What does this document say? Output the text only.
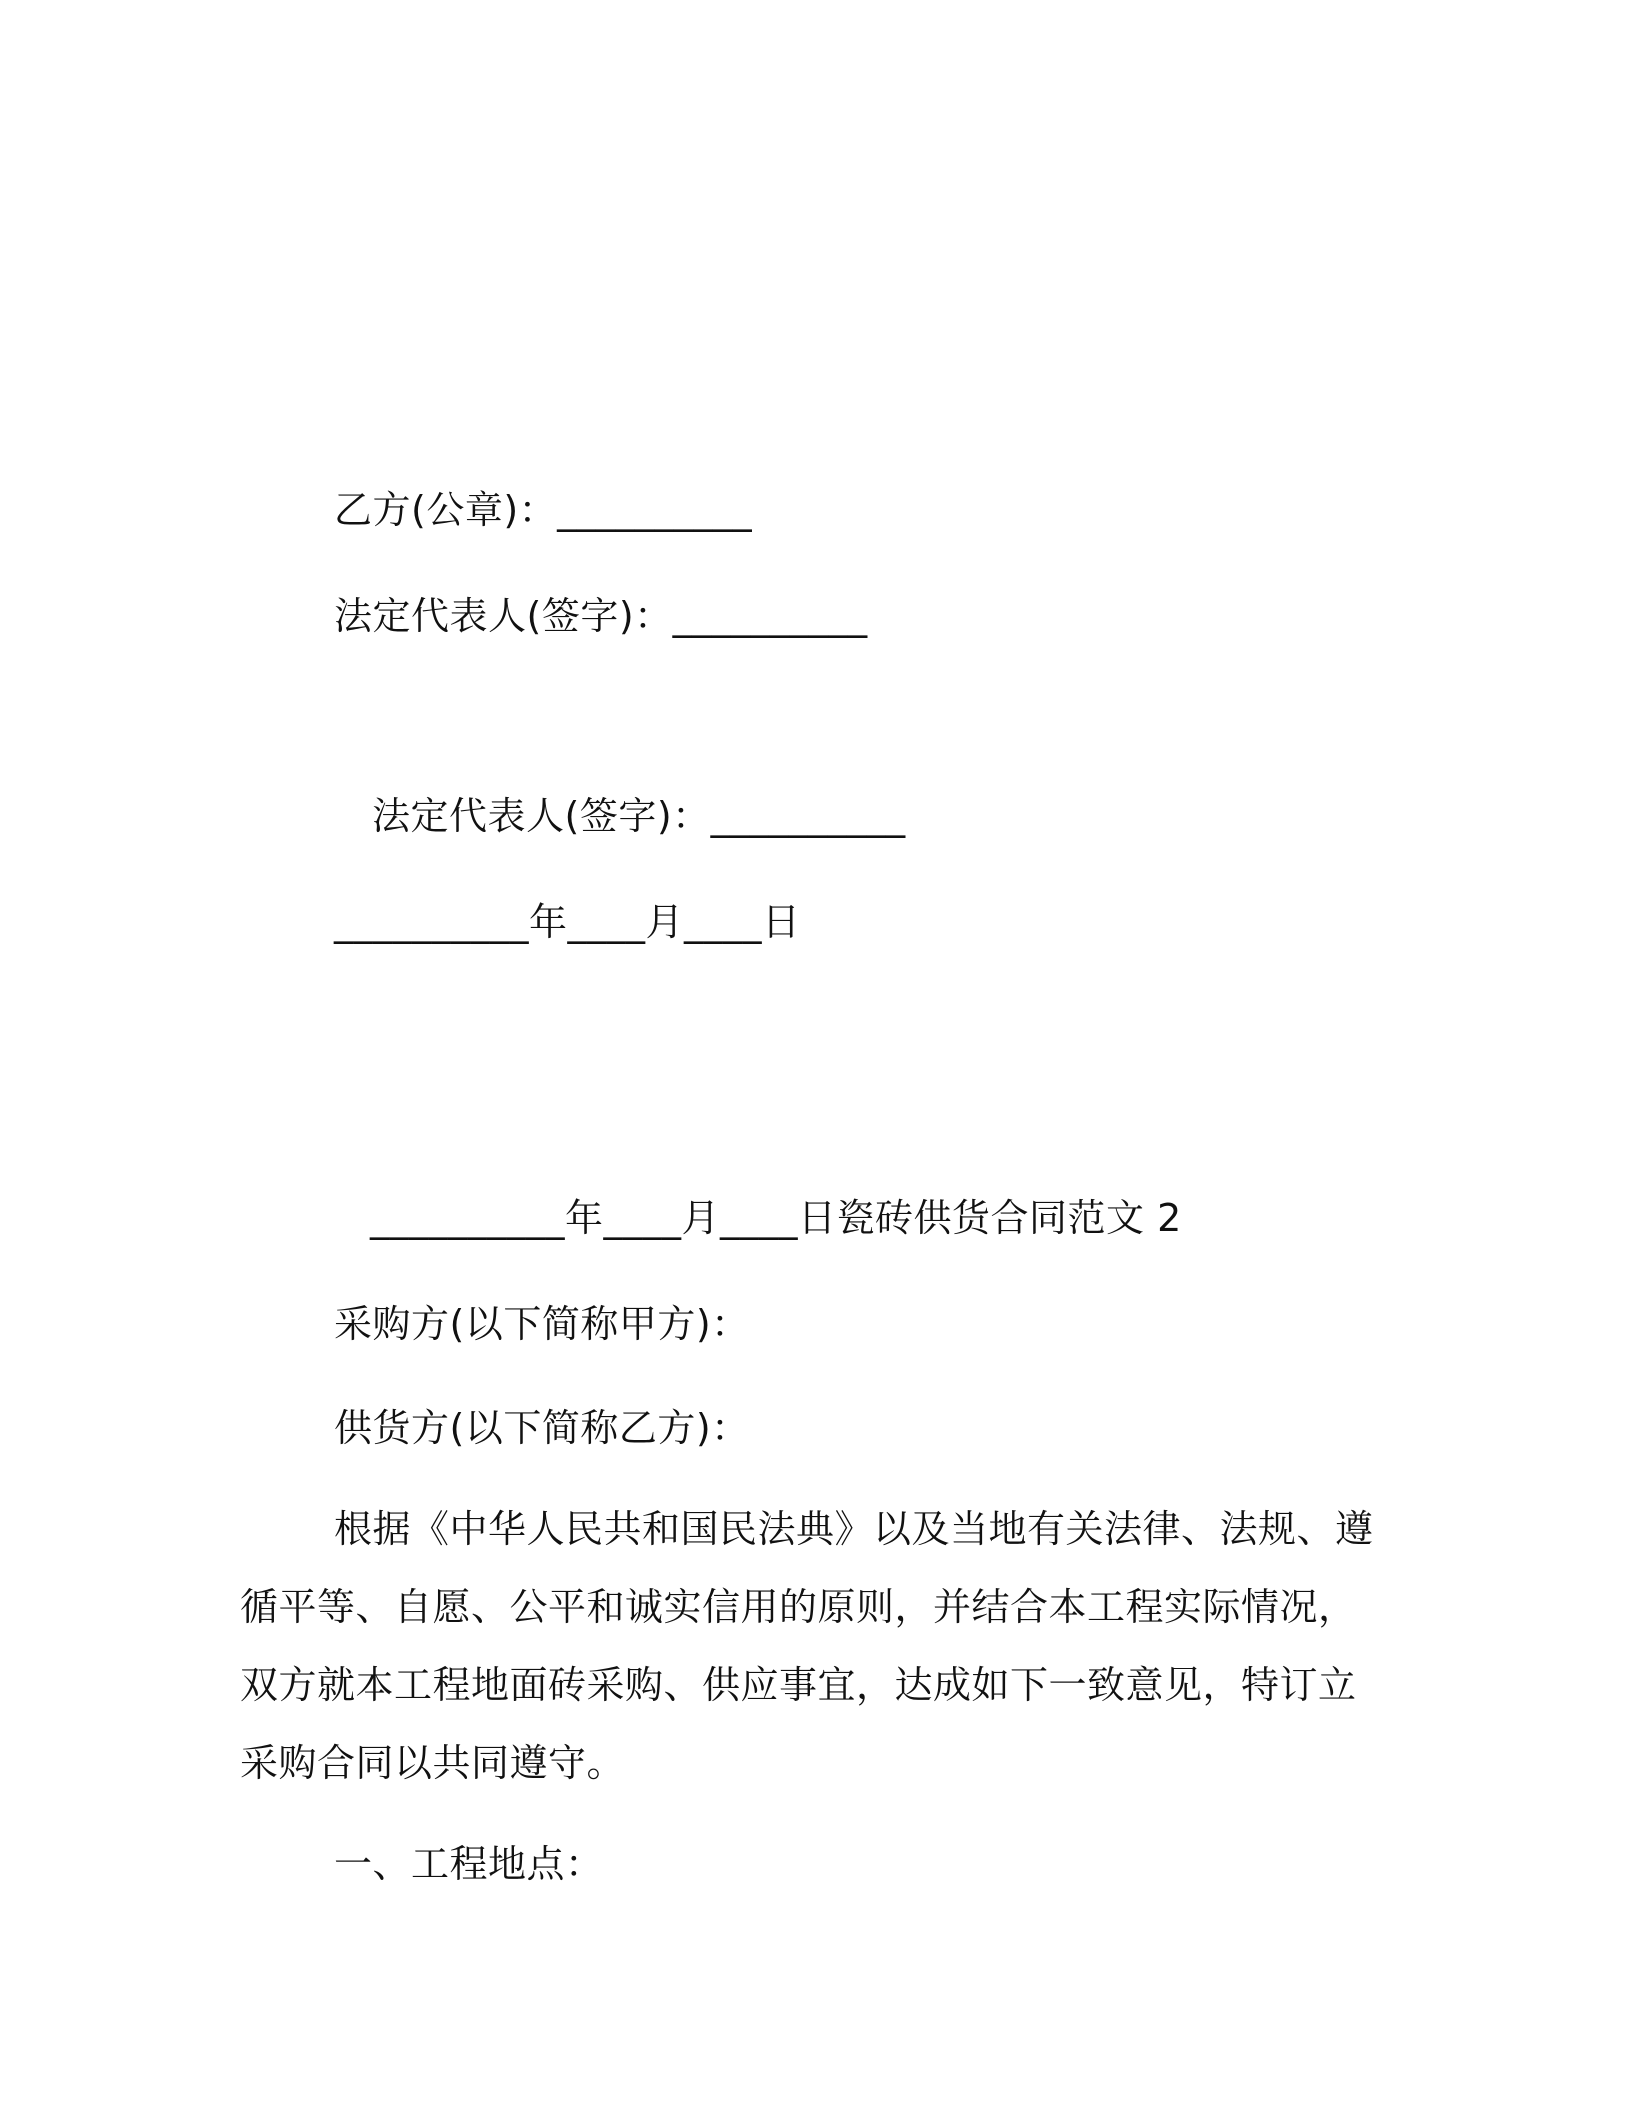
乙方(公章)：__________
法定代表人(签字)：__________
法定代表人(签字)：__________
__________年____月____日
__________年____月____日瓷砖供货合同范文 2
采购方(以下简称甲方)：
供货方(以下简称乙方)：
根据《中华人民共和国民法典》以及当地有关法律、法规、遵循平等、自愿、公平和诚实信用的原则，并结合本工程实际情况，双方就本工程地面砖采购、供应事宜，达成如下一致意见，特订立采购合同以共同遵守。
一、工程地点：
